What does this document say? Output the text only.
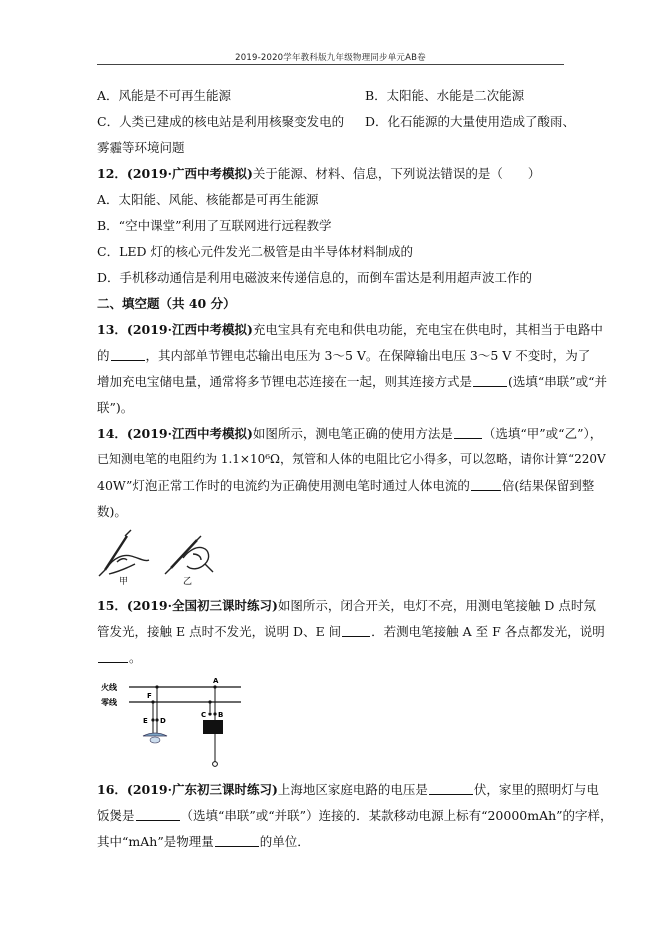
2019-2020学年教科版九年级物理同步单元AB卷
A．风能是不可再生能源	B．太阳能、水能是二次能源
C．人类已建成的核电站是利用核聚变发电的 D．化石能源的大量使用造成了酸雨、
雾霾等环境问题
12．(2019·广西中考模拟)关于能源、材料、信息，下列说法错误的是（　　）
A．太阳能、风能、核能都是可再生能源
B．“空中课堂”利用了互联网进行远程教学
C．LED 灯的核心元件发光二极管是由半导体材料制成的
D．手机移动通信是利用电磁波来传递信息的，而倒车雷达是利用超声波工作的
二、填空题（共 40 分）
13．(2019·江西中考模拟)充电宝具有充电和供电功能，充电宝在供电时，其相当于电路中
的	，其内部单节锂电芯输出电压为 3～5 V。在保障输出电压 3～5 V 不变时，为了
增加充电宝储电量，通常将多节锂电芯连接在一起，则其连接方式是	(选填“串联”或“并
联”)。
14．(2019·江西中考模拟)如图所示，测电笔正确的使用方法是 （选填“甲”或“乙”），
已知测电笔的电阻约为 1.1×10⁶Ω，氖管和人体的电阻比它小得多，可以忽略，请你计算“220V
40W”灯泡正常工作时的电流约为正确使用测电笔时通过人体电流的	倍(结果保留到整
数)。
甲	乙
15．(2019·全国初三课时练习)如图所示，闭合开关，电灯不亮，用测电笔接触 D 点时氖
管发光，接触 E 点时不发光，说明 D、E 间 ．若测电笔接触 A 至 F 各点都发光，说明
。
火线
零线
F
E D
A
C B
16．(2019·广东初三课时练习)上海地区家庭电路的电压是	伏，家里的照明灯与电
饭煲是	（选填“串联”或“并联”）连接的．某款移动电源上标有“20000mAh”的字样，
其中“mAh”是物理量	的单位．
